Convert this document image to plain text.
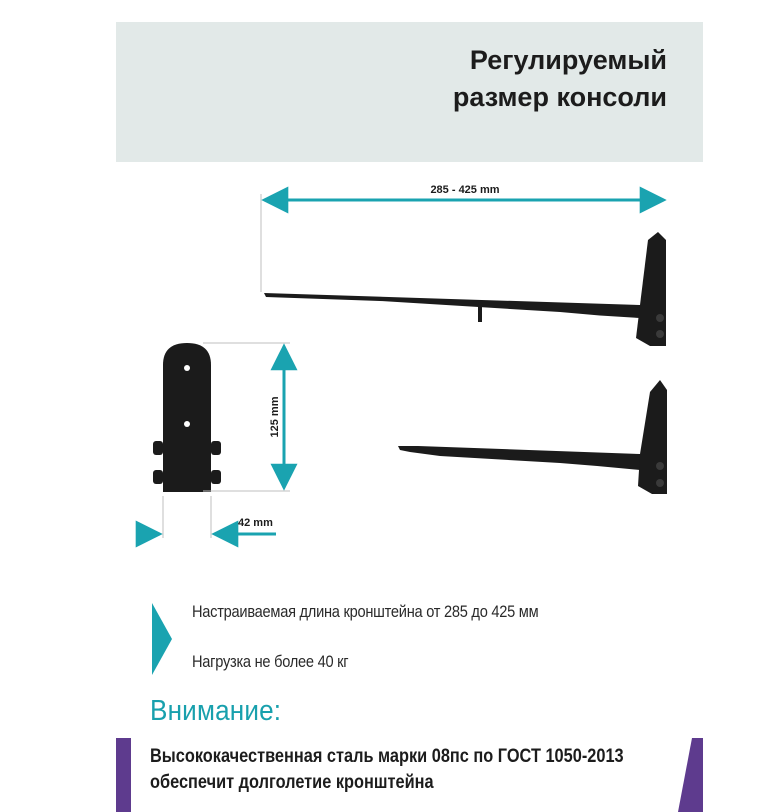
Регулируемый
размер консоли
285 - 425 mm
125 mm
42 mm
Настраиваемая длина кронштейна от 285 до 425 мм
Нагрузка не более 40 кг
Внимание:
Высококачественная сталь марки 08пс по ГОСТ 1050-2013
обеспечит долголетие кронштейна
